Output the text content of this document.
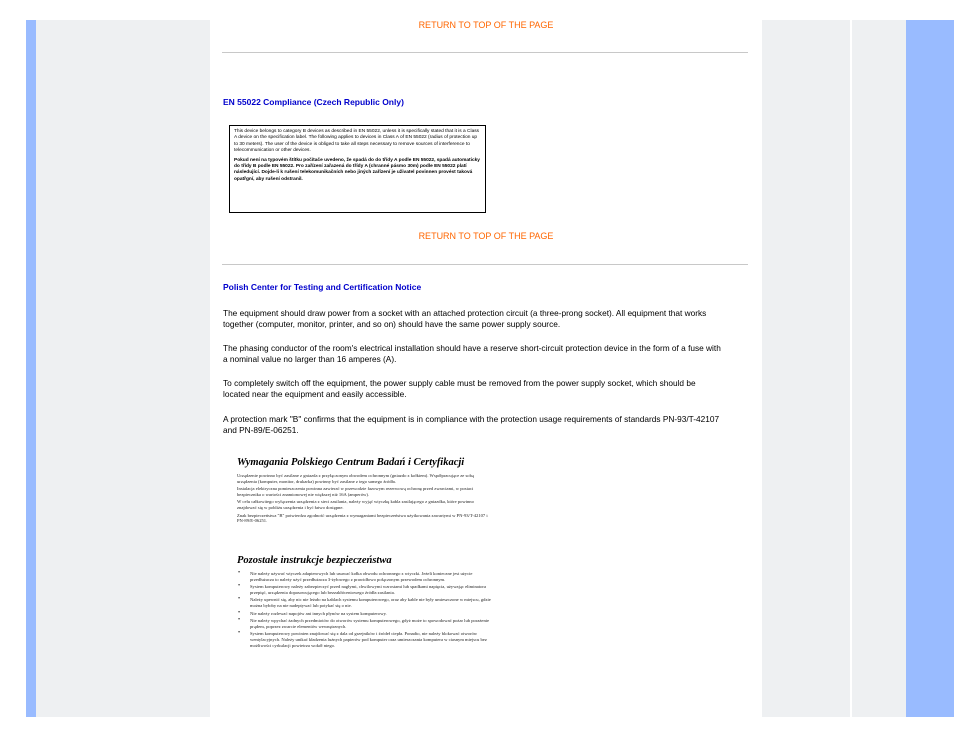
RETURN TO TOP OF THE PAGE
EN 55022 Compliance (Czech Republic Only)

This device belongs to category B devices as described in EN 55022, unless it is specifically stated that it is a Class A device on the specification label. The following applies to devices in Class A of EN 55022 (radius of protection up to 30 meters). The user of the device is obliged to take all steps necessary to remove sources of interference to telecommunication or other devices.

Pokud není na typovém štítku počítače uvedeno, že spadá do do třídy A podle EN 55022, spadá automaticky do třídy B podle EN 55022. Pro zařízení zařazená do třídy A (chranné pásmo 30m) podle EN 55022 platí následující. Dojde-li k rušení telekomunikačních nebo jiných zařízení je uživatel povinnen provést taková opatřgní, aby rušení odstranil.

RETURN TO TOP OF THE PAGE
Polish Center for Testing and Certification Notice
The equipment should draw power from a socket with an attached protection circuit (a three-prong socket). All equipment that works together (computer, monitor, printer, and so on) should have the same power supply source.
The phasing conductor of the room's electrical installation should have a reserve short-circuit protection device in the form of a fuse with a nominal value no larger than 16 amperes (A).
To completely switch off the equipment, the power supply cable must be removed from the power supply socket, which should be located near the equipment and easily accessible.
A protection mark "B" confirms that the equipment is in compliance with the protection usage requirements of standards PN-93/T-42107 and PN-89/E-06251.
Wymagania Polskiego Centrum Badań i Certyfikacji

Urządzenie powinno być zasilane z gniazda z przyłączonym obwodem ochronnym (gniazdo z kołkiem). Współpracujące ze sobą urządzenia (komputer, monitor, drukarka) powinny być zasilane z tego samego źródła.

Instalacja elektryczna pomieszczenia powinna zawierać w przewodzie fazowym rezerwową ochronę przed zwarciami, w postaci bezpiecznika o wartości znamionowej nie większej niż 16A (amperów).

W celu całkowitego wyłączenia urządzenia z sieci zasilania, należy wyjąć wtyczkę kabla zasilającego z gniazdka, które powinno znajdować się w pobliżu urządzenia i być łatwo dostępne.

Znak bezpieczeństwa "B" potwierdza zgodność urządzenia z wymaganiami bezpieczeństwa użytkowania zawartymi w PN-93/T-42107 i PN-89/E-06251.

Pozostałe instrukcje bezpieczeństwa
• Nie należy używać wtyczek adapterowych lub usuwać kołka obwodu ochronnego z wtyczki. Jeżeli konieczne jest użycie przedłużacza to należy użyć przedłużacza 3-żyłowego z prawidłowo połączonym przewodem ochronnym.
• System komputerowy należy zabezpieczyć przed nagłymi, chwilowymi wzrostami lub spadkami napięcia, używając eliminatora przepięć, urządzenia dopasowującego lub bezzakłóceniowego źródła zasilania.
• Należy upewnić się, aby nic nie leżało na kablach systemu komputerowego, oraz aby kable nie były umieszczone w miejscu, gdzie można byłoby na nie nadeptywać lub potykać się o nie.
• Nie należy rozlewać napojów ani innych płynów na system komputerowy.
• Nie należy wpychać żadnych przedmiotów do otworów systemu komputerowego, gdyż może to spowodować pożar lub porażenie prądem, poprzez zwarcie elementów wewnętrznych.
• System komputerowy powinien znajdować się z dala od grzejników i źródeł ciepła. Ponadto, nie należy blokować otworów wentylacyjnych. Należy unikać kładzenia lużnych papierów pod komputer oraz umieszczania komputera w ciasnym miejscu bez możliwości cyrkulacji powietrza wokół niego.
